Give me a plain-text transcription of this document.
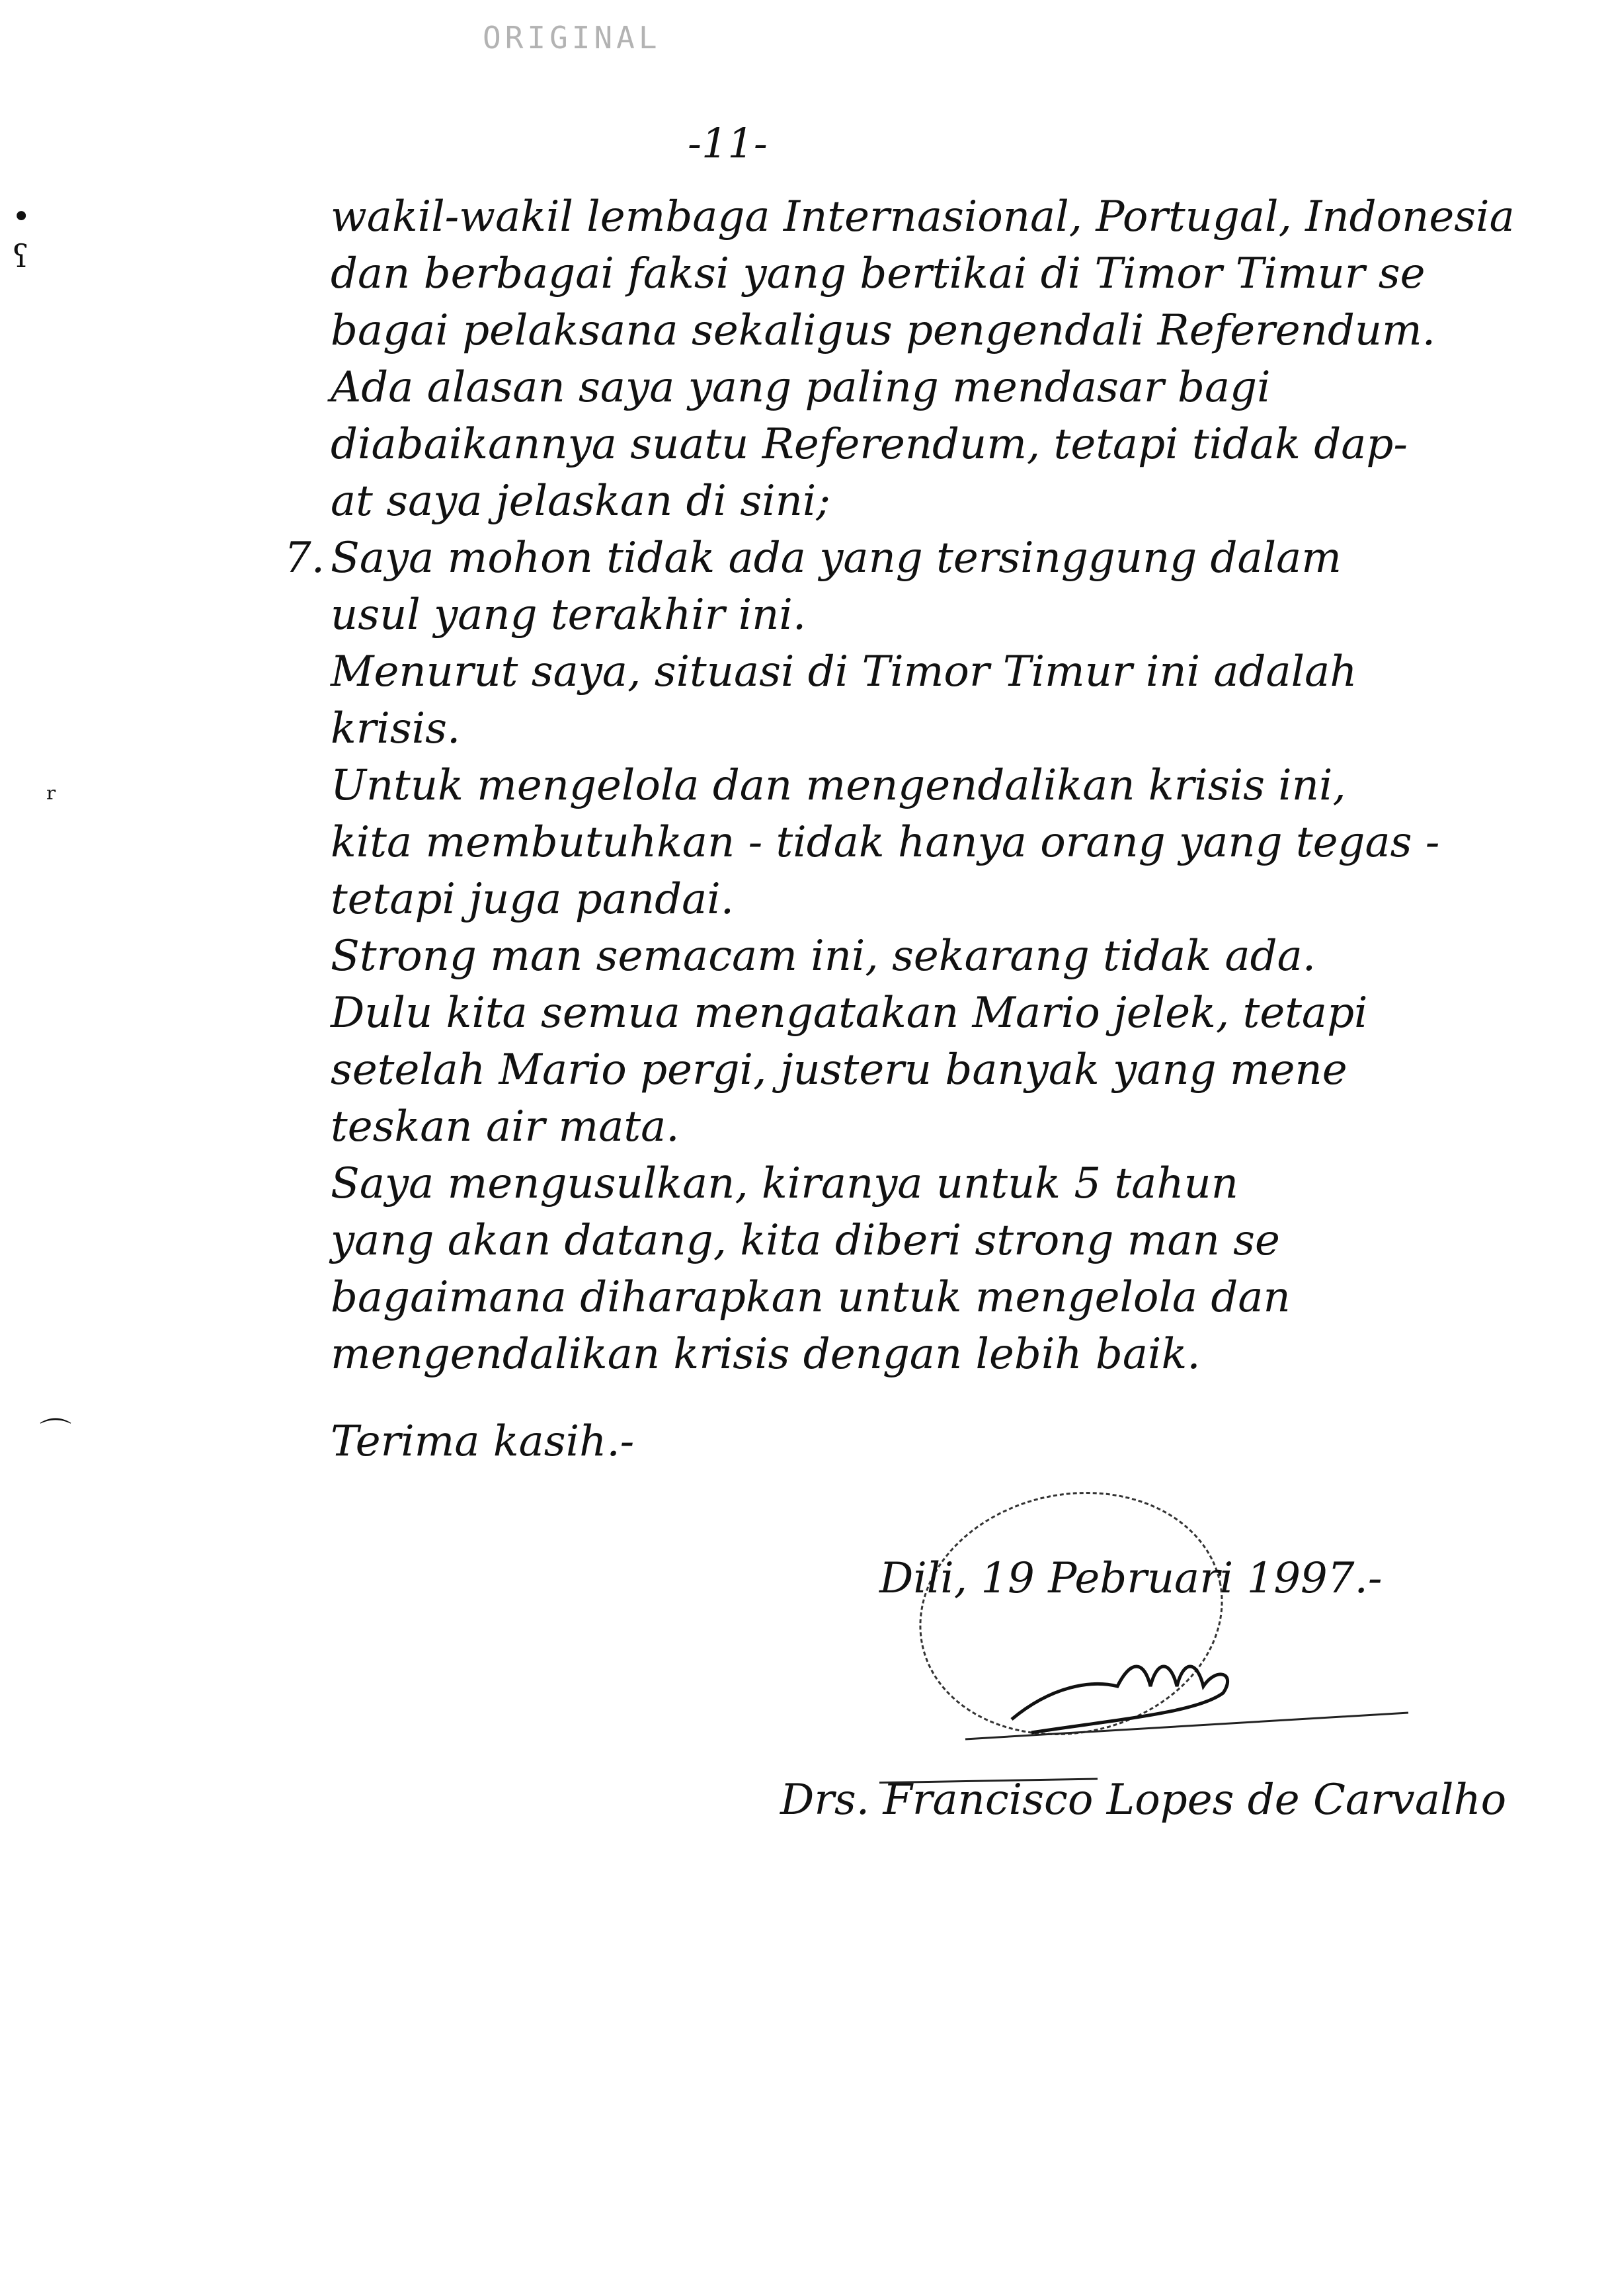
ORIGINAL
-11-
•
ʕ
ʳ
⌒
wakil-wakil lembaga Internasional, Portugal, Indonesia
dan berbagai faksi yang bertikai di Timor Timur se
bagai pelaksana sekaligus pengendali Referendum.
Ada alasan saya yang paling mendasar bagi
diabaikannya suatu Referendum, tetapi tidak dap-
at saya jelaskan di sini;
7. Saya mohon tidak ada yang tersinggung dalam
usul yang terakhir ini.
Menurut saya, situasi di Timor Timur ini adalah
krisis.
Untuk mengelola dan mengendalikan krisis ini,
kita membutuhkan - tidak hanya orang yang tegas -
tetapi juga pandai.
Strong man semacam ini, sekarang tidak ada.
Dulu kita semua mengatakan Mario jelek, tetapi
setelah Mario pergi, justeru banyak yang mene
teskan air mata.
Saya mengusulkan, kiranya untuk 5 tahun
yang akan datang, kita diberi strong man se
bagaimana diharapkan untuk mengelola dan
mengendalikan krisis dengan lebih baik.
Terima kasih.-
Dili, 19 Pebruari 1997.-
Drs. Francisco Lopes de Carvalho
